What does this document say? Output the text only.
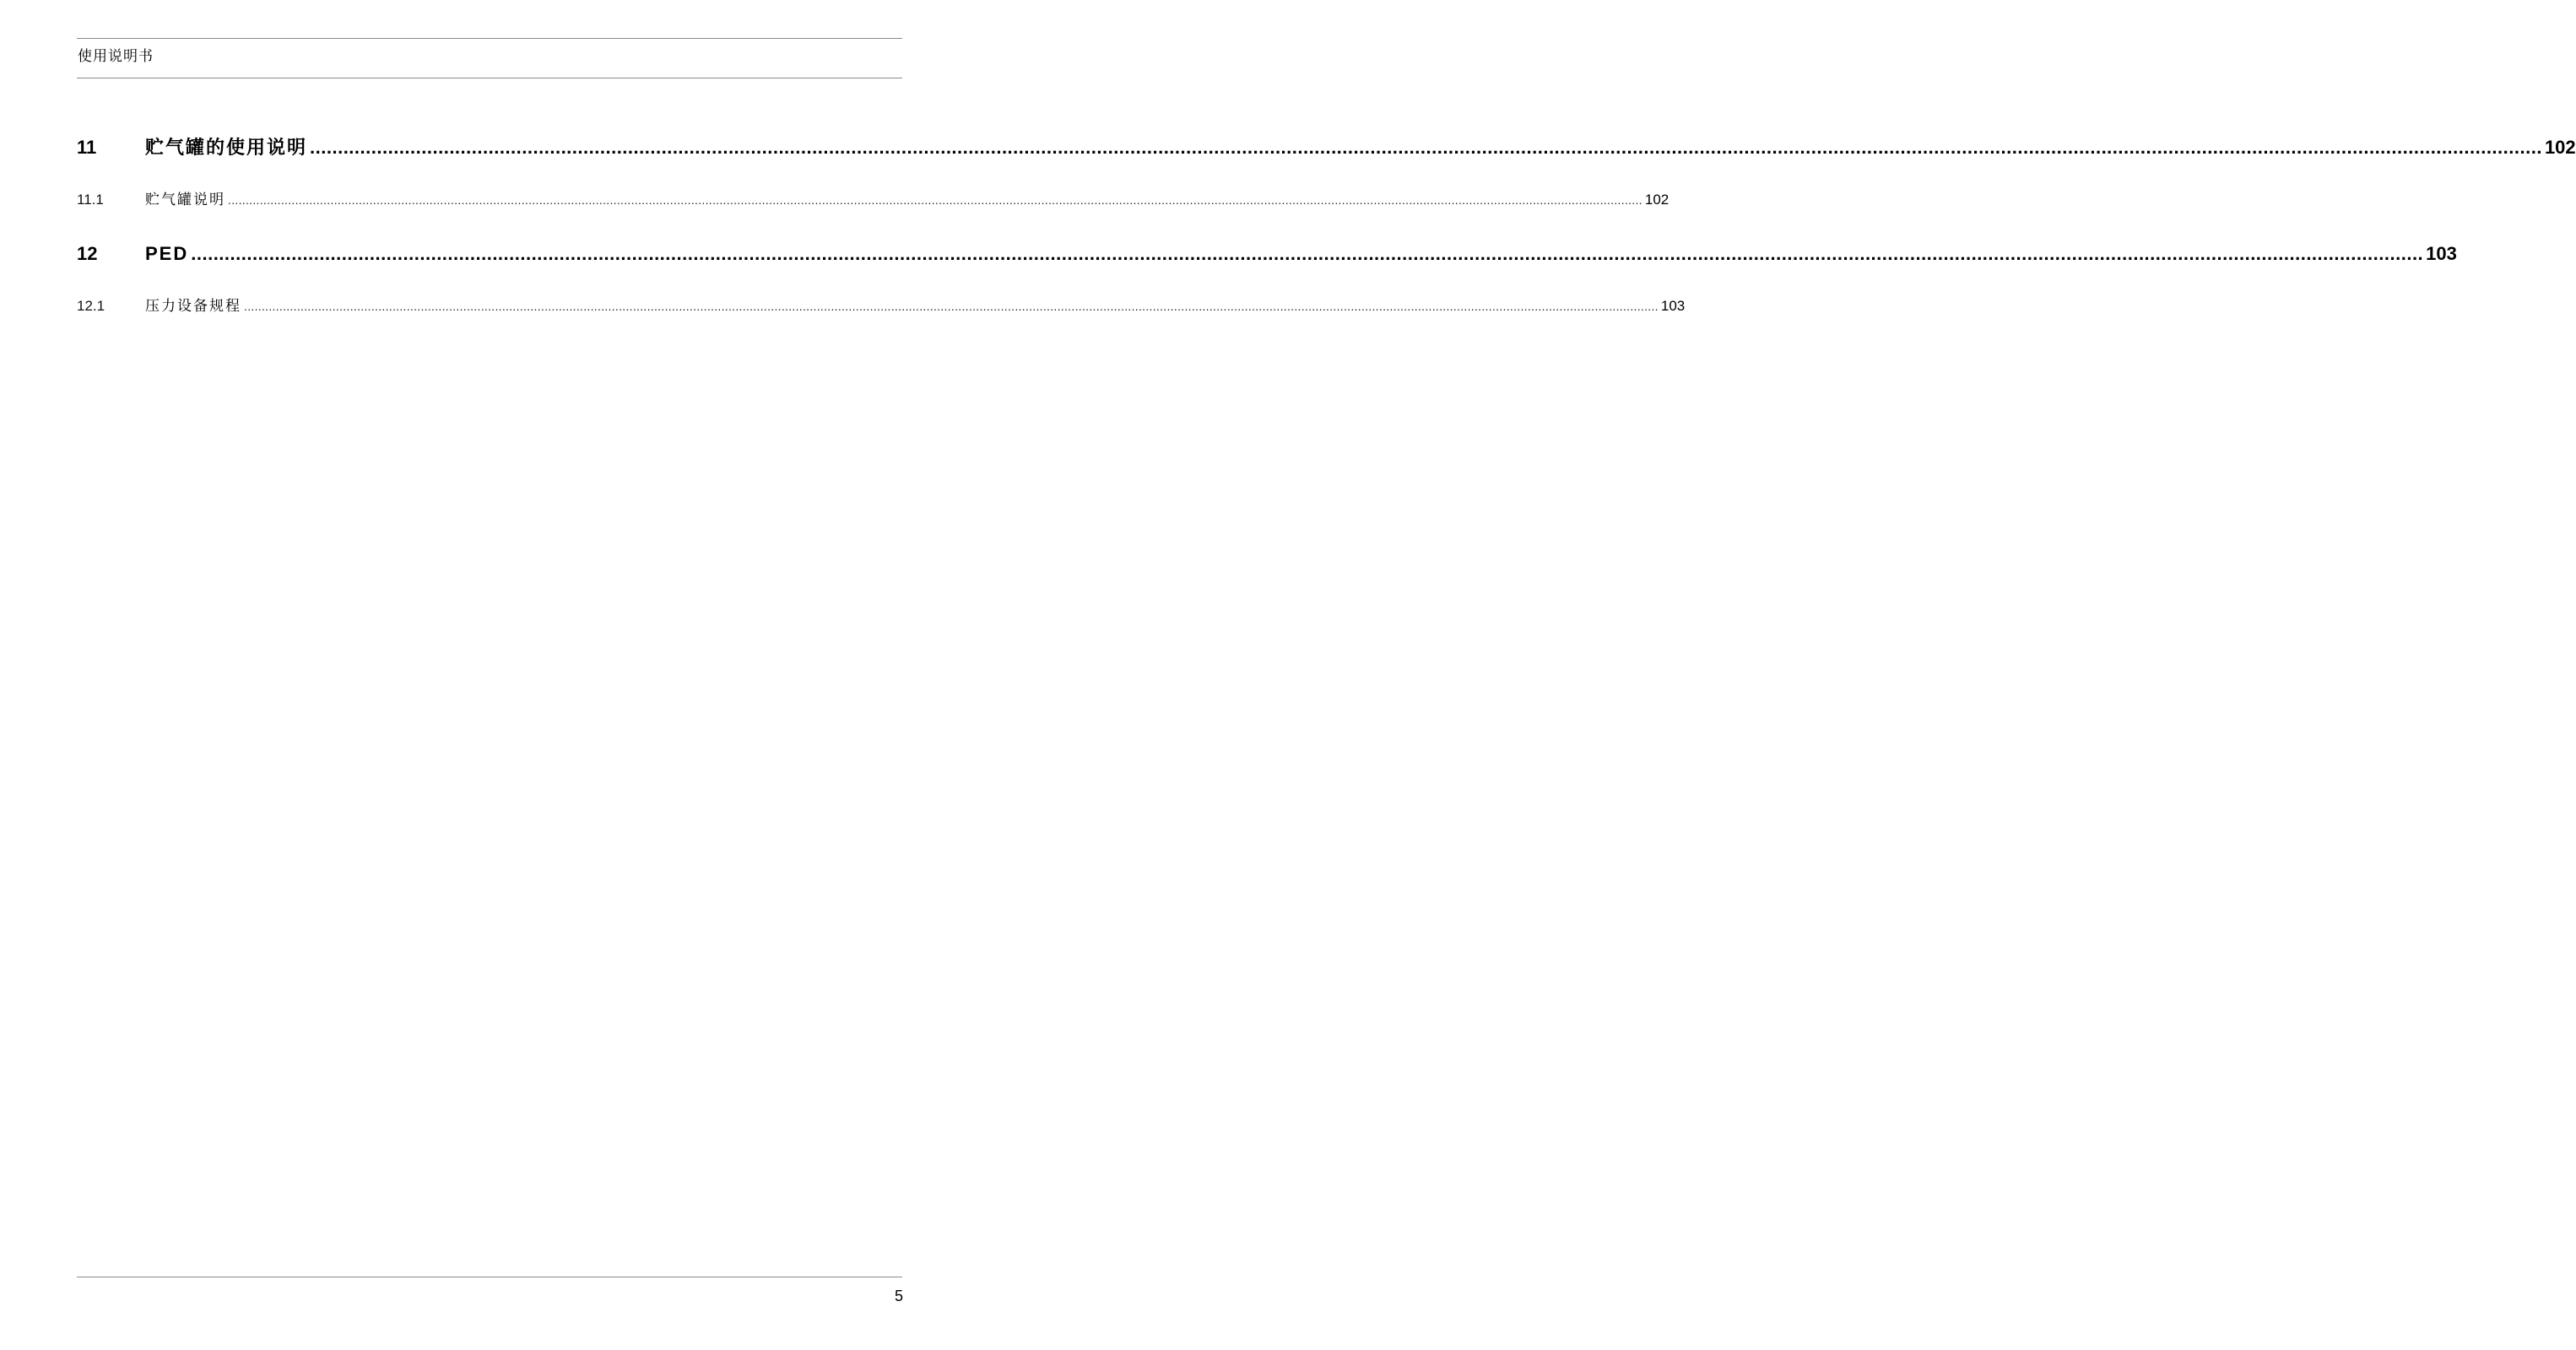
使用说明书
11	贮气罐的使用说明 ................................................................................................................................................................................................................................................................................................................................................................................................................ 102
11.1	贮气罐说明 ................................................................................................................................................................................................................................................................................................................................................................................................................ 102
12	PED ................................................................................................................................................................................................................................................................................................................................................................................................................ 103
12.1	压力设备规程 ................................................................................................................................................................................................................................................................................................................................................................................................................ 103
5
